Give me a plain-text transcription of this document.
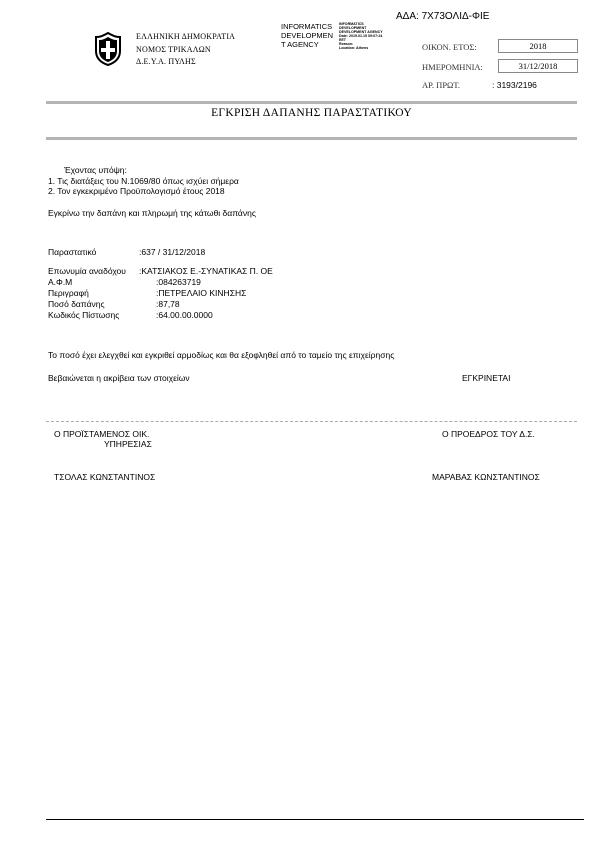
ΑΔΑ: 7Χ73ΟΛΙΔ-ΦΙΕ
ΕΛΛΗΝΙΚΗ ΔΗΜΟΚΡΑΤΙΑ
ΝΟΜΟΣ ΤΡΙΚΑΛΩΝ
Δ.Ε.Υ.Α. ΠΥΛΗΣ
INFORMATICS
DEVELOPMEN
T AGENCY
INFORMATICS
DEVELOPMENT
DEVELOPMENT AGENCY
Date: 2019.01.15 09:07:24
EET
Reason:
Location: Athens	ΟΙΚΟΝ. ΕΤΟΣ:	2018
ΗΜΕΡΟΜΗΝΙΑ:	31/12/2018
ΑΡ. ΠΡΩΤ.	: 3193/2196
ΕΓΚΡΙΣΗ ΔΑΠΑΝΗΣ ΠΑΡΑΣΤΑΤΙΚΟΥ
Έχοντας υπόψη:
1. Τις διατάξεις του Ν.1069/80 όπως ισχύει σήμερα
2. Τον εγκεκριμένο Προϋπολογισμό έτους 2018
Εγκρίνω την δαπάνη και πληρωμή της κάτωθι δαπάνης
Παραστατικό	:637 / 31/12/2018
Επωνυμία αναδόχου :ΚΑΤΣΙΑΚΟΣ Ε.-ΣΥΝΑΤΙΚΑΣ Π. ΟΕ
Α.Φ.Μ	:084263719
Περιγραφή	:ΠΕΤΡΕΛΑΙΟ ΚΙΝΗΣΗΣ
Ποσό δαπάνης	:87,78
Κωδικός Πίστωσης	:64.00.00.0000
Το ποσό έχει ελεγχθεί και εγκριθεί αρμοδίως και θα εξοφληθεί από το ταμείο της επιχείρησης
Βεβαιώνεται η ακρίβεια των στοιχείων	ΕΓΚΡΙΝΕΤΑΙ
Ο ΠΡΟΪΣΤΑΜΕΝΟΣ ΟΙΚ.
ΥΠΗΡΕΣΙΑΣ
Ο ΠΡΟΕΔΡΟΣ ΤΟΥ Δ.Σ.
ΤΣΟΛΑΣ ΚΩΝΣΤΑΝΤΙΝΟΣ	ΜΑΡΑΒΑΣ ΚΩΝΣΤΑΝΤΙΝΟΣ
